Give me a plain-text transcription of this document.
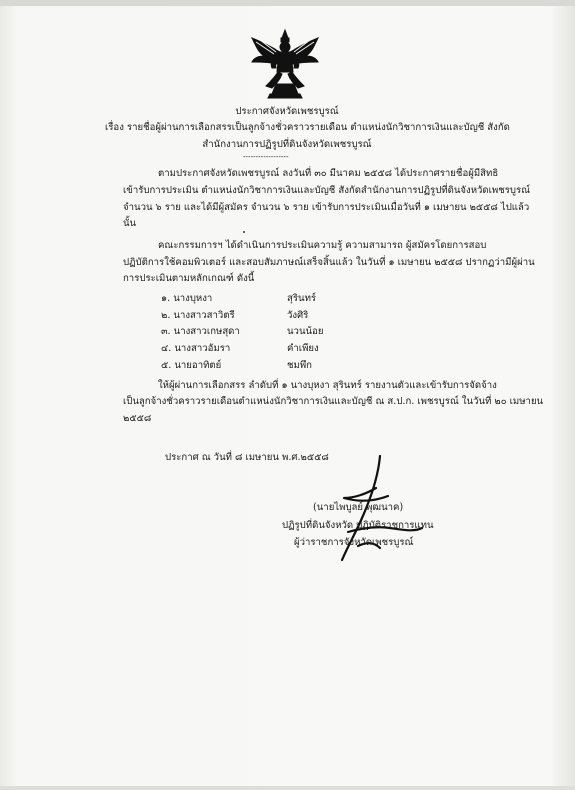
ประกาศจังหวัดเพชรบูรณ์
เรื่อง รายชื่อผู้ผ่านการเลือกสรรเป็นลูกจ้างชั่วคราวรายเดือน ตำแหน่งนักวิชาการเงินและบัญชี สังกัด
สำนักงานการปฏิรูปที่ดินจังหวัดเพชรบูรณ์
------------------
ตามประกาศจังหวัดเพชรบูรณ์ ลงวันที่ ๓๐ มีนาคม ๒๕๕๘ ได้ประกาศรายชื่อผู้มีสิทธิ
เข้ารับการประเมิน ตำแหน่งนักวิชาการเงินและบัญชี สังกัดสำนักงานการปฏิรูปที่ดินจังหวัดเพชรบูรณ์
จำนวน ๖ ราย และได้มีผู้สมัคร จำนวน ๖ ราย เข้ารับการประเมินเมื่อวันที่ ๑ เมษายน ๒๕๕๘ ไปแล้ว
นั้น
คณะกรรมการฯ ได้ดำเนินการประเมินความรู้ ความสามารถ ผู้สมัครโดยการสอบ
ปฏิบัติการใช้คอมพิวเตอร์ และสอบสัมภาษณ์เสร็จสิ้นแล้ว ในวันที่ ๑ เมษายน ๒๕๕๘ ปรากฏว่ามีผู้ผ่าน
การประเมินตามหลักเกณฑ์ ดังนี้
๑. นางบุหงา	สุรินทร์
๒. นางสาวสาวิตรี	วังศิริ
๓. นางสาวเกษสุดา	นวนน้อย
๔. นางสาวอัมรา	คำเพียง
๕. นายอาทิตย์	ชมพึก
ให้ผู้ผ่านการเลือกสรร ลำดับที่ ๑ นางบุหงา สุรินทร์ รายงานตัวและเข้ารับการจัดจ้าง
เป็นลูกจ้างชั่วคราวรายเดือนตำแหน่งนักวิชาการเงินและบัญชี ณ ส.ป.ก. เพชรบูรณ์ ในวันที่ ๒๐ เมษายน
๒๕๕๘
ประกาศ ณ วันที่ ๘ เมษายน พ.ศ.๒๕๕๘
(นายไพบูลย์ พุฒนาค)
ปฏิรูปที่ดินจังหวัด ปฏิบัติราชการแทน
ผู้ว่าราชการจังหวัดเพชรบูรณ์
